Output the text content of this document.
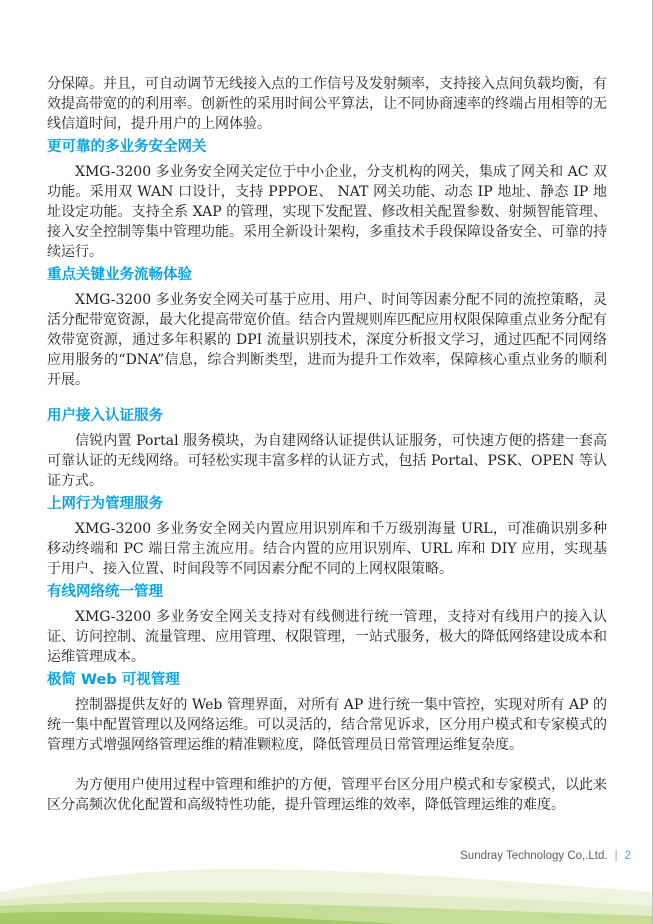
分保障。并且，可自动调节无线接入点的工作信号及发射频率，支持接入点间负载均衡，有效提高带宽的的利用率。创新性的采用时间公平算法，让不同协商速率的终端占用相等的无线信道时间，提升用户的上网体验。

更可靠的多业务安全网关

XMG-3200 多业务安全网关定位于中小企业，分支机构的网关，集成了网关和 AC 双功能。采用双 WAN 口设计，支持 PPPOE、 NAT 网关功能、动态 IP 地址、静态 IP 地址设定功能。支持全系 XAP 的管理，实现下发配置、修改相关配置参数、射频智能管理、 接入安全控制等集中管理功能。采用全新设计架构，多重技术手段保障设备安全、可靠的持续运行。

重点关键业务流畅体验

XMG-3200 多业务安全网关可基于应用、用户、时间等因素分配不同的流控策略，灵活分配带宽资源，最大化提高带宽价值。结合内置规则库匹配应用权限保障重点业务分配有效带宽资源，通过多年积累的 DPI 流量识别技术，深度分析报文学习，通过匹配不同网络应用服务的“DNA”信息，综合判断类型，进而为提升工作效率，保障核心重点业务的顺利开展。

用户接入认证服务

信锐内置 Portal 服务模块，为自建网络认证提供认证服务，可快速方便的搭建一套高可靠认证的无线网络。可轻松实现丰富多样的认证方式，包括 Portal、PSK、OPEN 等认证方式。

上网行为管理服务

XMG-3200 多业务安全网关内置应用识别库和千万级别海量 URL，可准确识别多种移动终端和 PC 端日常主流应用。结合内置的应用识别库、URL 库和 DIY 应用，实现基于用户、接入位置、时间段等不同因素分配不同的上网权限策略。

有线网络统一管理

XMG-3200 多业务安全网关支持对有线侧进行统一管理，支持对有线用户的接入认证、访问控制、流量管理、应用管理、权限管理，一站式服务，极大的降低网络建设成本和运维管理成本。

极简 Web 可视管理

控制器提供友好的 Web 管理界面，对所有 AP 进行统一集中管控，实现对所有 AP 的统一集中配置管理以及网络运维。可以灵活的，结合常见诉求，区分用户模式和专家模式的管理方式增强网络管理运维的精准颗粒度，降低管理员日常管理运维复杂度。

为方便用户使用过程中管理和维护的方便，管理平台区分用户模式和专家模式，以此来区分高频次优化配置和高级特性功能，提升管理运维的效率，降低管理运维的难度。

Sundray Technology Co,.Ltd. | 2
